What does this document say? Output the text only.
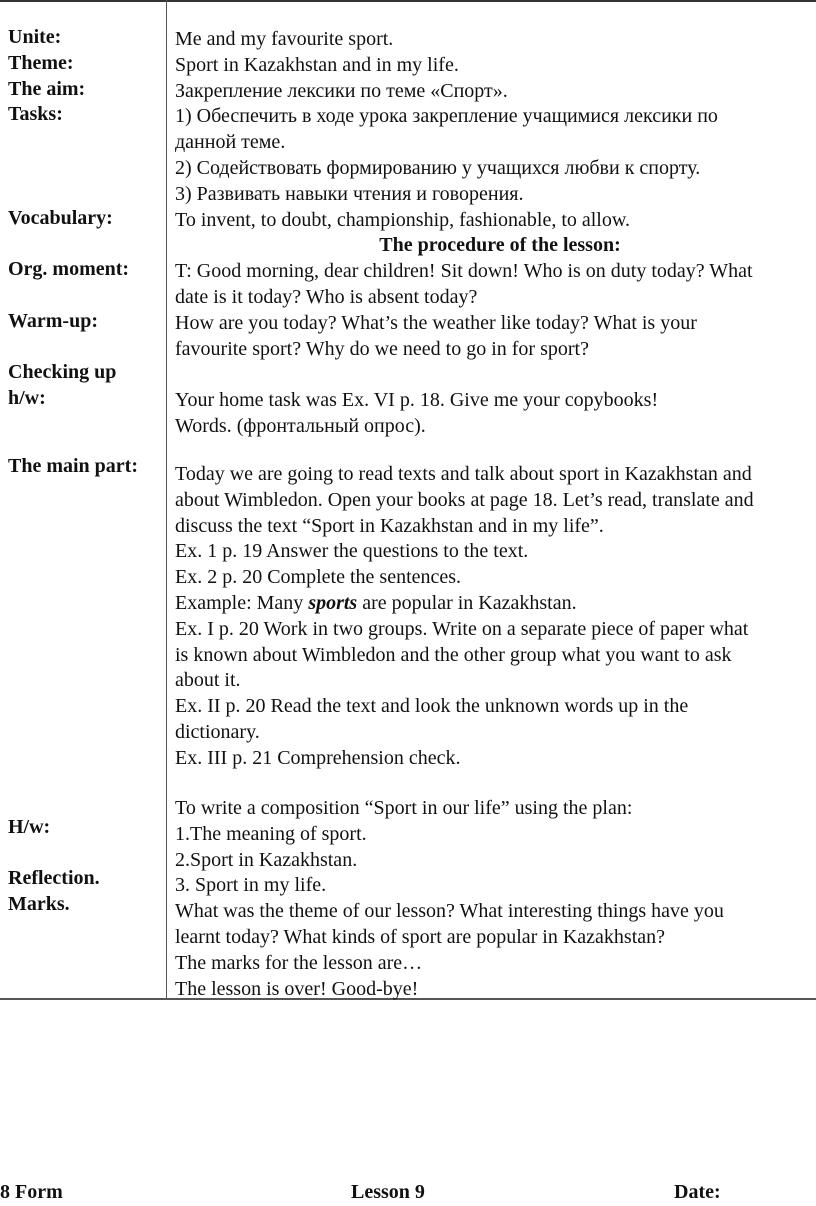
Unite:
Theme:
The aim:
Tasks:
Vocabulary:
Org. moment:
Warm-up:
Checking up
h/w:
The main part:
H/w:
Reflection.
Marks.
Me and my favourite sport.
Sport in Kazakhstan and in my life.
Закрепление лексики по теме «Спорт».
1) Обеспечить в ходе урока закрепление учащимися лексики по
данной теме.
2) Содействовать формированию у учащихся любви к спорту.
3) Развивать навыки чтения и говорения.
To invent, to doubt, championship, fashionable, to allow.
The procedure of the lesson:
T: Good morning, dear children! Sit down! Who is on duty today? What
date is it today? Who is absent today?
How are you today? What’s the weather like today? What is your
favourite sport? Why do we need to go in for sport?
Your home task was Ex. VI p. 18. Give me your copybooks!
Words. (фронтальный опрос).
Today we are going to read texts and talk about sport in Kazakhstan and
about Wimbledon. Open your books at page 18. Let’s read, translate and
discuss the text “Sport in Kazakhstan and in my life”.
Ex. 1 p. 19 Answer the questions to the text.
Ex. 2 p. 20 Complete the sentences.
Example: Many sports are popular in Kazakhstan.
Ex. I p. 20 Work in two groups. Write on a separate piece of paper what
is known about Wimbledon and the other group what you want to ask
about it.
Ex. II p. 20 Read the text and look the unknown words up in the
dictionary.
Ex. III p. 21 Comprehension check.
To write a composition “Sport in our life” using the plan:
1.The meaning of sport.
2.Sport in Kazakhstan.
3. Sport in my life.
What was the theme of our lesson? What interesting things have you
learnt today? What kinds of sport are popular in Kazakhstan?
The marks for the lesson are…
The lesson is over! Good-bye!
8 Form	Lesson 9	Date:
